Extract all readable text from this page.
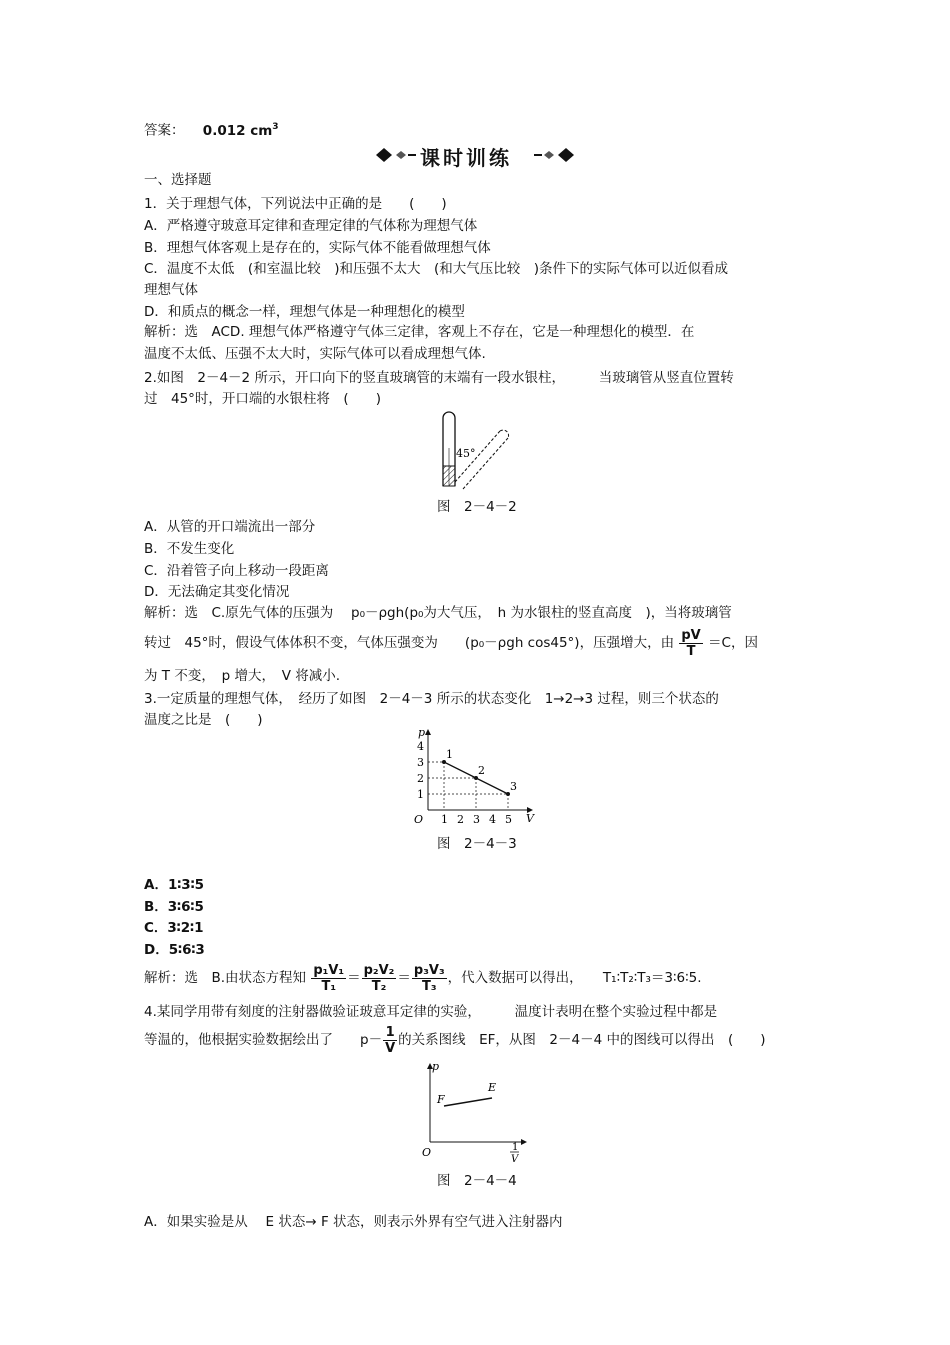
答案： 0.012 $cm^3$
课时训练
一、选择题
1．关于理想气体，下列说法中正确的是　　(　　)
A．严格遵守玻意耳定律和查理定律的气体称为理想气体
B．理想气体客观上是存在的，实际气体不能看做理想气体
C．温度不太低　(和室温比较　)和压强不太大　(和大气压比较　)条件下的实际气体可以近似看成
理想气体
D．和质点的概念一样，理想气体是一种理想化的模型
解析：选　ACD. 理想气体严格遵守气体三定律，客观上不存在，它是一种理想化的模型．在
温度不太低、压强不太大时，实际气体可以看成理想气体.
2.如图　2－4－2 所示，开口向下的竖直玻璃管的末端有一段水银柱，　　　当玻璃管从竖直位置转
过　45°时，开口端的水银柱将　(　　)
45°
图　2－4－2
A．从管的开口端流出一部分
B．不发生变化
C．沿着管子向上移动一段距离
D．无法确定其变化情况
解析：选　C.原先气体的压强为　 p₀－ρgh(p₀为大气压，　h 为水银柱的竖直高度　)，当将玻璃管
转过　45°时，假设气体体积不变，气体压强变为　　(p₀－ρgh cos45°)，压强增大，由 $\frac{pV}{T} =C$，因
为 T 不变，　p 增大，　V 将减小.
3.一定质量的理想气体，　经历了如图　2－4－3 所示的状态变化　1→2→3 过程，则三个状态的
温度之比是　(　　)
V
p
O 1 2 3 4 5
1
2
3
4
1
2
3
图　2－4－3
A．1∶3∶5
B．3∶6∶5
C．3∶2∶1
D．5∶6∶3
解析：选　B.由状态方程知 $\frac{\text{p₁V₁}}{\text{T₁}} = \frac{\text{p₂V₂}}{\text{T₂}} = \frac{\text{p₃V₃}}{\text{T₃}}$ ，代入数据可以得出，　　T₁∶T₂∶T₃＝3∶6∶5.
4.某同学用带有刻度的注射器做验证玻意耳定律的实验，　　　温度计表明在整个实验过程中都是
等温的，他根据实验数据绘出了　　$p- \frac{1}{V}$ 的关系图线　EF，从图　2－4－4 中的图线可以得出　(　　)
p
O	1
V
F
E
图　2－4－4
A．如果实验是从　 E 状态→ F 状态，则表示外界有空气进入注射器内
